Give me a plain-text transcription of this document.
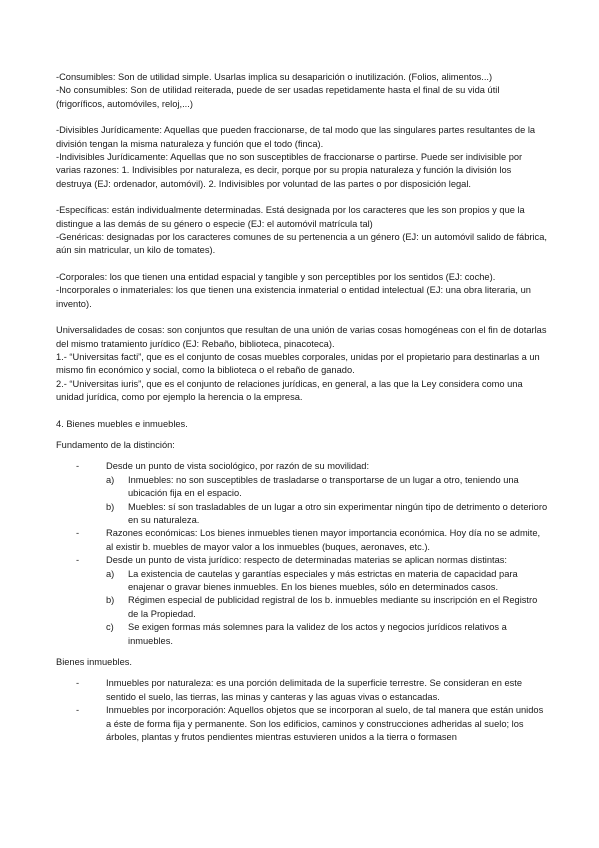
-Consumibles: Son de utilidad simple. Usarlas implica su desaparición o inutilización. (Folios, alimentos...)

-No consumibles: Son de utilidad reiterada, puede de ser usadas repetidamente hasta el final de su vida útil (frigoríficos, automóviles, reloj,...)

-Divisibles Jurídicamente: Aquellas que pueden fraccionarse, de tal modo que las singulares partes resultantes de la división tengan la misma naturaleza y función que el todo (finca).

-Indivisibles Jurídicamente: Aquellas que no son susceptibles de fraccionarse o partirse. Puede ser indivisible por varias razones: 1. Indivisibles por naturaleza, es decir, porque por su propia naturaleza y función la división los destruya (EJ: ordenador, automóvil). 2. Indivisibles por voluntad de las partes o por disposición legal.

-Específicas: están individualmente determinadas. Está designada por los caracteres que les son propios y que la distingue a las demás de su género o especie (EJ: el automóvil matrícula tal)

-Genéricas: designadas por los caracteres comunes de su pertenencia a un género (EJ: un automóvil salido de fábrica, aún sin matricular, un kilo de tomates).

-Corporales: los que tienen una entidad espacial y tangible y son perceptibles por los sentidos (EJ: coche).

-Incorporales o inmateriales: los que tienen una existencia inmaterial o entidad intelectual (EJ: una obra literaria, un invento).

Universalidades de cosas: son conjuntos que resultan de una unión de varias cosas homogéneas con el fin de dotarlas del mismo tratamiento jurídico (EJ: Rebaño, biblioteca, pinacoteca).

1.- “Universitas facti”, que es el conjunto de cosas muebles corporales, unidas por el propietario para destinarlas a un mismo fin económico y social, como la biblioteca o el rebaño de ganado.

2.- “Universitas iuris”, que es el conjunto de relaciones jurídicas, en general, a las que la Ley considera como una unidad jurídica, como por ejemplo la herencia o la empresa.

4. Bienes muebles e inmuebles.

Fundamento de la distinción:

-	Desde un punto de vista sociológico, por razón de su movilidad:
a) Inmuebles: no son susceptibles de trasladarse o transportarse de un lugar a otro, teniendo una ubicación fija en el espacio.
b) Muebles: sí son trasladables de un lugar a otro sin experimentar ningún tipo de detrimento o deterioro en su naturaleza.
-	Razones económicas: Los bienes inmuebles tienen mayor importancia económica. Hoy día no se admite, al existir b. muebles de mayor valor a los inmuebles (buques, aeronaves, etc.).
-	Desde un punto de vista jurídico: respecto de determinadas materias se aplican normas distintas:
a) La existencia de cautelas y garantías especiales y más estrictas en materia de capacidad para enajenar o gravar bienes inmuebles. En los bienes muebles, sólo en determinados casos.
b) Régimen especial de publicidad registral de los b. inmuebles mediante su inscripción en el Registro de la Propiedad.
c) Se exigen formas más solemnes para la validez de los actos y negocios jurídicos relativos a inmuebles.

Bienes inmuebles.

-	Inmuebles por naturaleza: es una porción delimitada de la superficie terrestre. Se consideran en este sentido el suelo, las tierras, las minas y canteras y las aguas vivas o estancadas.
-	Inmuebles por incorporación: Aquellos objetos que se incorporan al suelo, de tal manera que están unidos a éste de forma fija y permanente. Son los edificios, caminos y construcciones adheridas al suelo; los árboles, plantas y frutos pendientes mientras estuvieren unidos a la tierra o formasen
